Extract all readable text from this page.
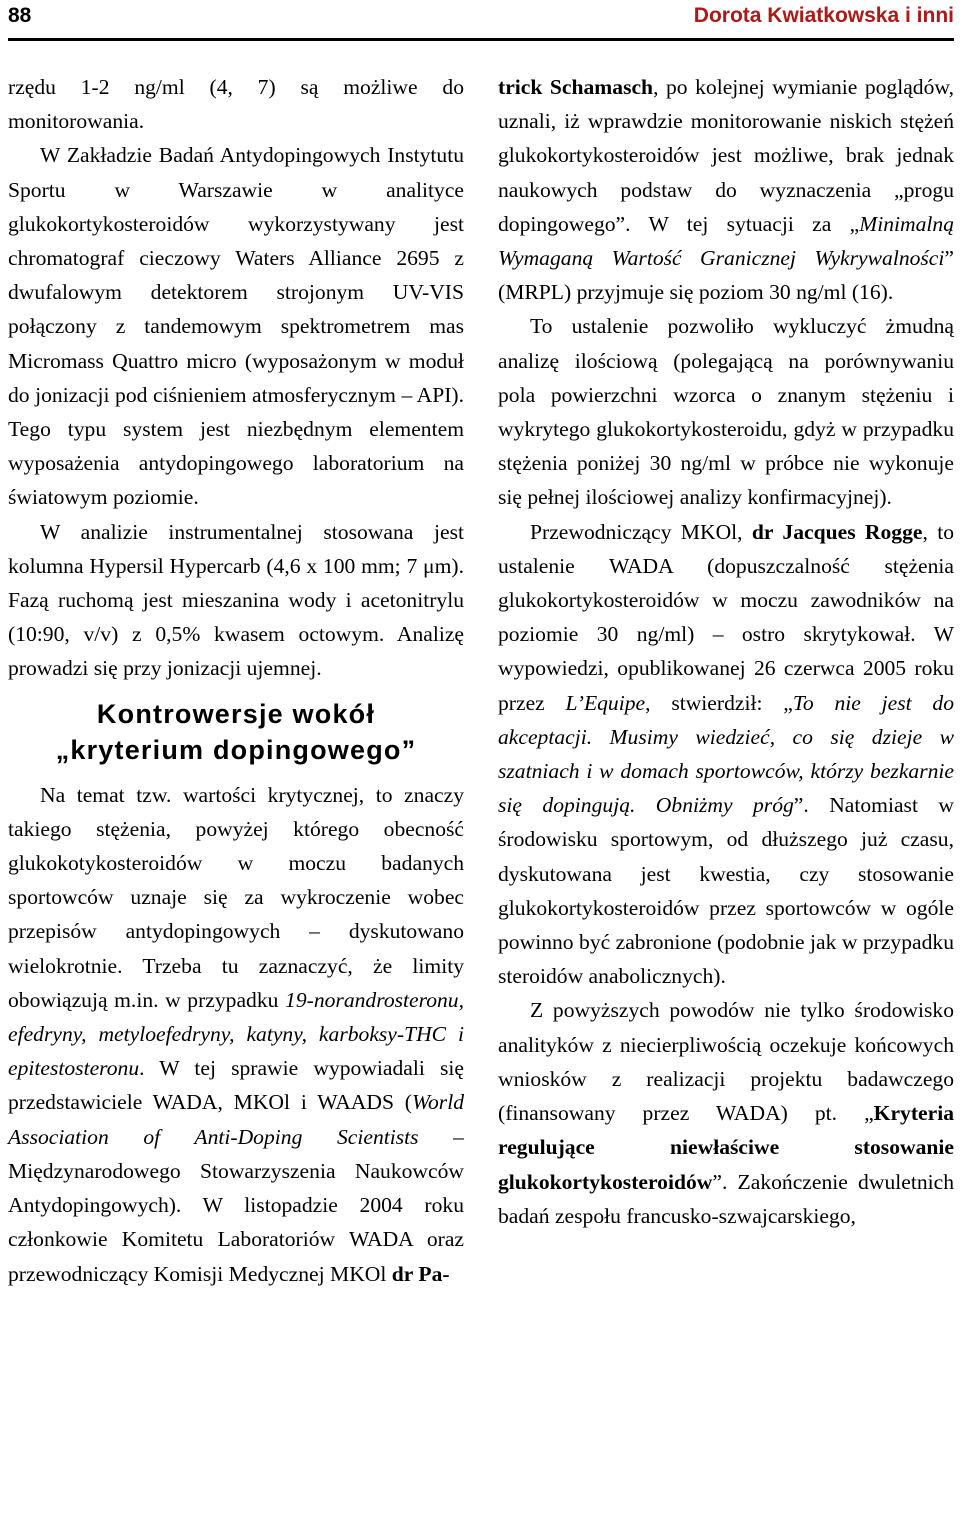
88	Dorota Kwiatkowska i inni

rzędu 1-2 ng/ml (4, 7) są możliwe do monitorowania.

W Zakładzie Badań Antydopingowych Instytutu Sportu w Warszawie w analityce glukokortykosteroidów wykorzystywany jest chromatograf cieczowy Waters Alliance 2695 z dwufalowym detektorem strojonym UV-VIS połączony z tandemowym spektrometrem mas Micromass Quattro micro (wyposażonym w moduł do jonizacji pod ciśnieniem atmosferycznym – API). Tego typu system jest niezbędnym elementem wyposażenia antydopingowego laboratorium na światowym poziomie.

W analizie instrumentalnej stosowana jest kolumna Hypersil Hypercarb (4,6 x 100 mm; 7 μm). Fazą ruchomą jest mieszanina wody i acetonitrylu (10:90, v/v) z 0,5% kwasem octowym. Analizę prowadzi się przy jonizacji ujemnej.

Kontrowersje wokół
„kryterium dopingowego”

Na temat tzw. wartości krytycznej, to znaczy takiego stężenia, powyżej którego obecność glukokotykosteroidów w moczu badanych sportowców uznaje się za wykroczenie wobec przepisów antydopingowych – dyskutowano wielokrotnie. Trzeba tu zaznaczyć, że limity obowiązują m.in. w przypadku 19-norandrosteronu, efedryny, metyloefedryny, katyny, karboksy-THC i epitestosteronu. W tej sprawie wypowiadali się przedstawiciele WADA, MKOl i WAADS (World Association of Anti-Doping Scientists – Międzynarodowego Stowarzyszenia Naukowców Antydopingowych). W listopadzie 2004 roku członkowie Komitetu Laboratoriów WADA oraz przewodniczący Komisji Medycznej MKOl dr Pa-

trick Schamasch, po kolejnej wymianie poglądów, uznali, iż wprawdzie monitorowanie niskich stężeń glukokortykosteroidów jest możliwe, brak jednak naukowych podstaw do wyznaczenia „progu dopingowego”. W tej sytuacji za „Minimalną Wymaganą Wartość Granicznej Wykrywalności” (MRPL) przyjmuje się poziom 30 ng/ml (16).

To ustalenie pozwoliło wykluczyć żmudną analizę ilościową (polegającą na porównywaniu pola powierzchni wzorca o znanym stężeniu i wykrytego glukokortykosteroidu, gdyż w przypadku stężenia poniżej 30 ng/ml w próbce nie wykonuje się pełnej ilościowej analizy konfirmacyjnej).

Przewodniczący MKOl, dr Jacques Rogge, to ustalenie WADA (dopuszczalność stężenia glukokortykosteroidów w moczu zawodników na poziomie 30 ng/ml) – ostro skrytykował. W wypowiedzi, opublikowanej 26 czerwca 2005 roku przez L’Equipe, stwierdził: „To nie jest do akceptacji. Musimy wiedzieć, co się dzieje w szatniach i w domach sportowców, którzy bezkarnie się dopingują. Obniżmy próg”. Natomiast w środowisku sportowym, od dłuższego już czasu, dyskutowana jest kwestia, czy stosowanie glukokortykosteroidów przez sportowców w ogóle powinno być zabronione (podobnie jak w przypadku steroidów anabolicznych).

Z powyższych powodów nie tylko środowisko analityków z niecierpliwością oczekuje końcowych wniosków z realizacji projektu badawczego (finansowany przez WADA) pt. „Kryteria regulujące niewłaściwe stosowanie glukokortykosteroidów”. Zakończenie dwuletnich badań zespołu francusko-szwajcarskiego,
